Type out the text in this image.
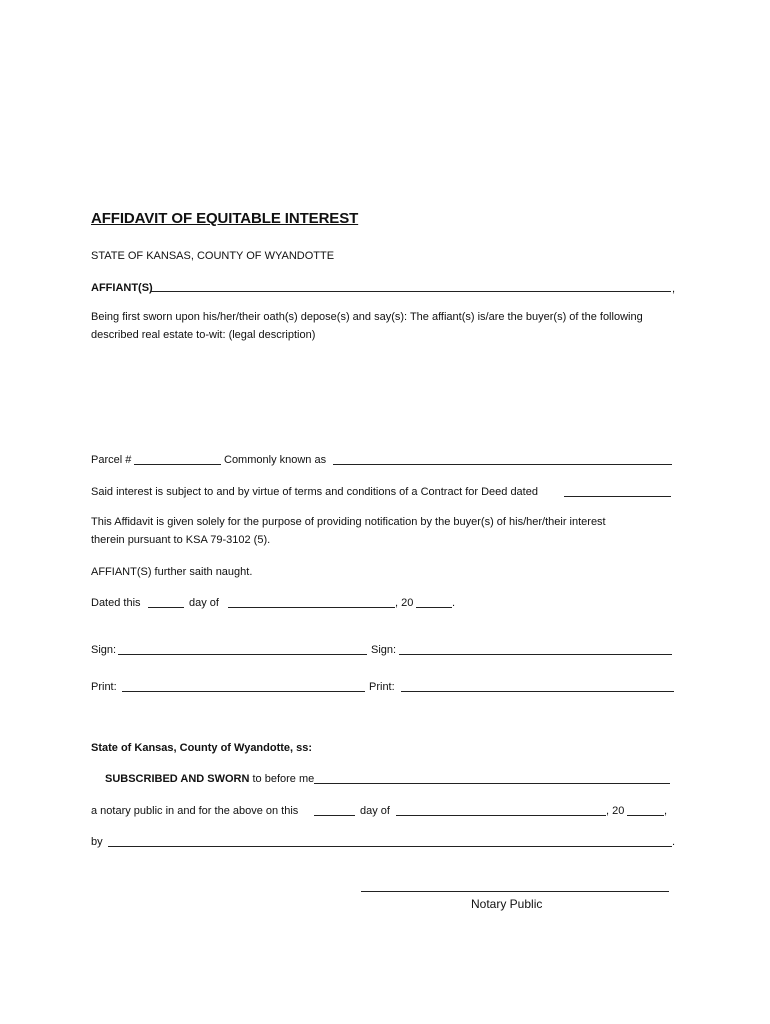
AFFIDAVIT OF EQUITABLE INTEREST
STATE OF KANSAS, COUNTY OF WYANDOTTE
AFFIANT(S)	,
Being first sworn upon his/her/their oath(s) depose(s) and say(s): The affiant(s) is/are the buyer(s) of the following
described real estate to-wit: (legal description)
Parcel #	Commonly known as
Said interest is subject to and by virtue of terms and conditions of a Contract for Deed dated
This Affidavit is given solely for the purpose of providing notification by the buyer(s) of his/her/their interest
therein pursuant to KSA 79-3102 (5).
AFFIANT(S) further saith naught.
Dated this	day of	, 20	.
Sign:	Sign:
Print:	Print:
State of Kansas, County of Wyandotte, ss:
SUBSCRIBED AND SWORN to before me
a notary public in and for the above on this	day of	, 20	,
by	.
Notary Public
